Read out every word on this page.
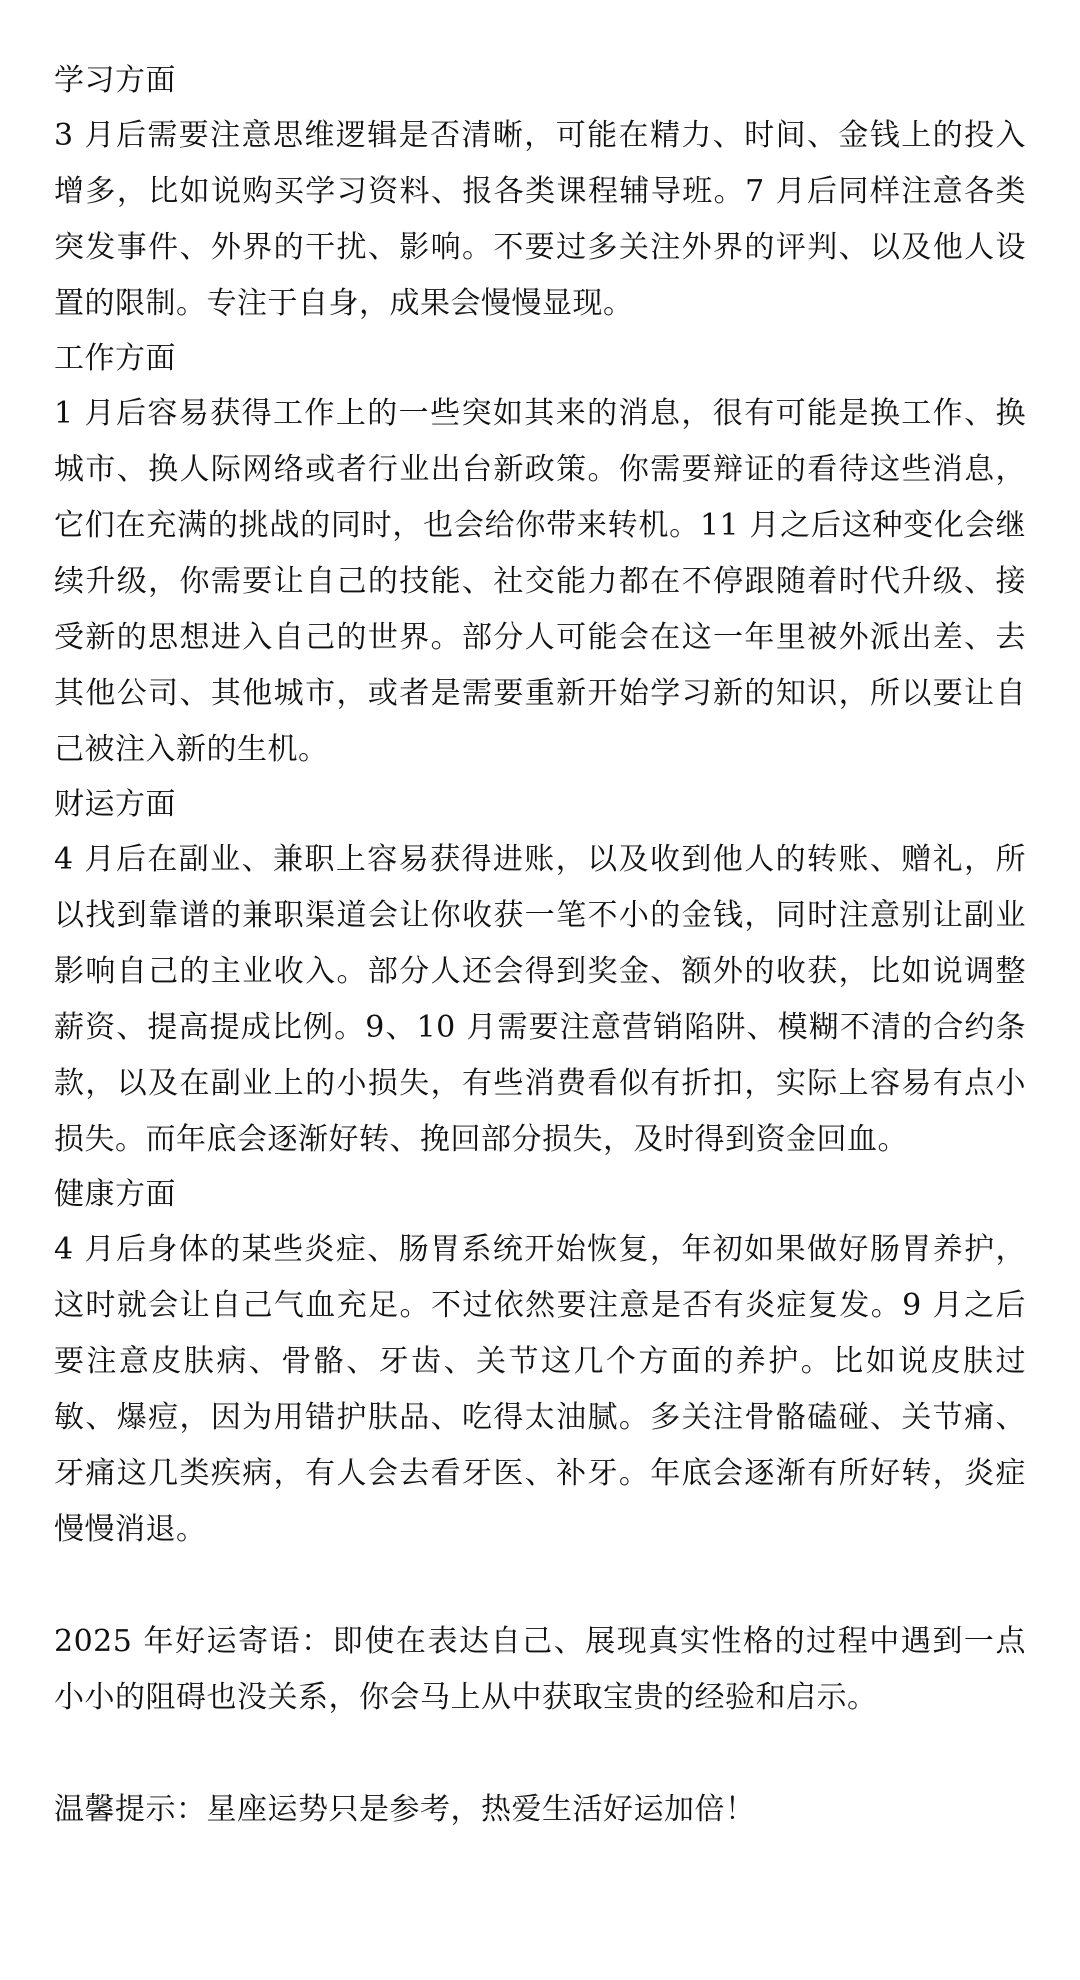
学习方面

3 月后需要注意思维逻辑是否清晰，可能在精力、时间、金钱上的投入增多，比如说购买学习资料、报各类课程辅导班。7 月后同样注意各类突发事件、外界的干扰、影响。不要过多关注外界的评判、以及他人设置的限制。专注于自身，成果会慢慢显现。

工作方面

1 月后容易获得工作上的一些突如其来的消息，很有可能是换工作、换城市、换人际网络或者行业出台新政策。你需要辩证的看待这些消息，它们在充满的挑战的同时，也会给你带来转机。11 月之后这种变化会继续升级，你需要让自己的技能、社交能力都在不停跟随着时代升级、接受新的思想进入自己的世界。部分人可能会在这一年里被外派出差、去其他公司、其他城市，或者是需要重新开始学习新的知识，所以要让自己被注入新的生机。

财运方面

4 月后在副业、兼职上容易获得进账，以及收到他人的转账、赠礼，所以找到靠谱的兼职渠道会让你收获一笔不小的金钱，同时注意别让副业影响自己的主业收入。部分人还会得到奖金、额外的收获，比如说调整薪资、提高提成比例。9、10 月需要注意营销陷阱、模糊不清的合约条款，以及在副业上的小损失，有些消费看似有折扣，实际上容易有点小损失。而年底会逐渐好转、挽回部分损失，及时得到资金回血。

健康方面

4 月后身体的某些炎症、肠胃系统开始恢复，年初如果做好肠胃养护，这时就会让自己气血充足。不过依然要注意是否有炎症复发。9 月之后要注意皮肤病、骨骼、牙齿、关节这几个方面的养护。比如说皮肤过敏、爆痘，因为用错护肤品、吃得太油腻。多关注骨骼磕碰、关节痛、牙痛这几类疾病，有人会去看牙医、补牙。年底会逐渐有所好转，炎症慢慢消退。

2025 年好运寄语：即使在表达自己、展现真实性格的过程中遇到一点小小的阻碍也没关系，你会马上从中获取宝贵的经验和启示。

温馨提示：星座运势只是参考，热爱生活好运加倍！
